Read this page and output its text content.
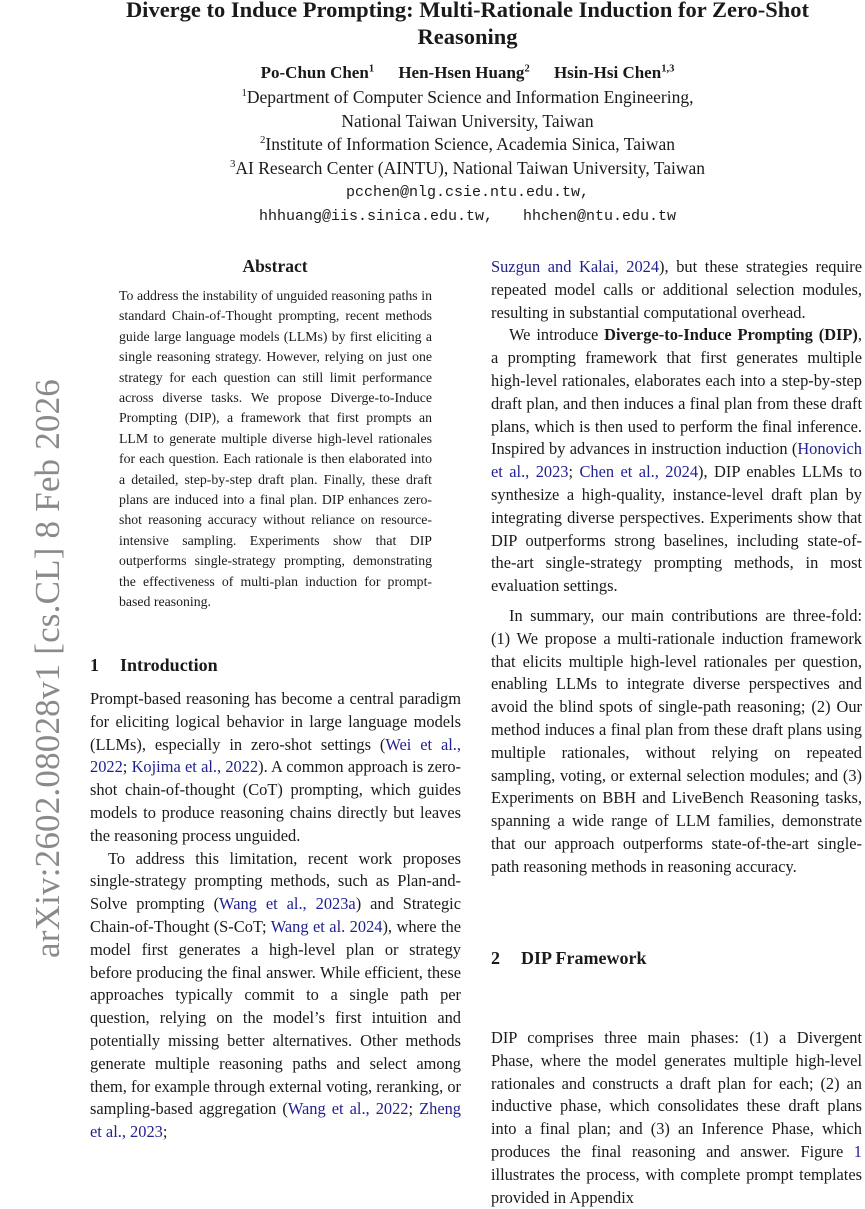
arXiv:2602.08028v1 [cs.CL] 8 Feb 2026
Diverge to Induce Prompting: Multi-Rationale Induction for Zero-Shot
Reasoning
Po-Chun Chen$^1$ Hen-Hsen Huang$^2$ Hsin-Hsi Chen$^{1,3}$
$^1$Department of Computer Science and Information Engineering,
National Taiwan University, Taiwan
$^2$Institute of Information Science, Academia Sinica, Taiwan
$^3$AI Research Center (AINTU), National Taiwan University, Taiwan
pcchen@nlg.csie.ntu.edu.tw,
hhhuang@iis.sinica.edu.tw, hhchen@ntu.edu.tw
Abstract
To address the instability of unguided reasoning paths in standard Chain-of-Thought prompting, recent methods guide large language models (LLMs) by first eliciting a single reasoning strategy. However, relying on just one strategy for each question can still limit performance across diverse tasks. We propose Diverge-to-Induce Prompting (DIP), a framework that first prompts an LLM to generate multiple diverse high-level rationales for each question. Each rationale is then elaborated into a detailed, step-by-step draft plan. Finally, these draft plans are induced into a final plan. DIP enhances zero-shot reasoning accuracy without reliance on resource-intensive sampling. Experiments show that DIP outperforms single-strategy prompting, demonstrating the effectiveness of multi-plan induction for prompt-based reasoning.
1 Introduction

Prompt-based reasoning has become a central paradigm for eliciting logical behavior in large language models (LLMs), especially in zero-shot settings (Wei et al., 2022; Kojima et al., 2022). A common approach is zero-shot chain-of-thought (CoT) prompting, which guides models to produce reasoning chains directly but leaves the reasoning process unguided.

To address this limitation, recent work proposes single-strategy prompting methods, such as Plan-and-Solve prompting (Wang et al., 2023a) and Strategic Chain-of-Thought (S-CoT; Wang et al. 2024), where the model first generates a high-level plan or strategy before producing the final answer. While efficient, these approaches typically commit to a single path per question, relying on the model’s first intuition and potentially missing better alternatives. Other methods generate multiple reasoning paths and select among them, for example through external voting, reranking, or sampling-based aggregation (Wang et al., 2022; Zheng et al., 2023;

Suzgun and Kalai, 2024), but these strategies require repeated model calls or additional selection modules, resulting in substantial computational overhead.

We introduce Diverge-to-Induce Prompting (DIP), a prompting framework that first generates multiple high-level rationales, elaborates each into a step-by-step draft plan, and then induces a final plan from these draft plans, which is then used to perform the final inference. Inspired by advances in instruction induction (Honovich et al., 2023; Chen et al., 2024), DIP enables LLMs to synthesize a high-quality, instance-level draft plan by integrating diverse perspectives. Experiments show that DIP outperforms strong baselines, including state-of-the-art single-strategy prompting methods, in most evaluation settings.

In summary, our main contributions are three-fold: (1) We propose a multi-rationale induction framework that elicits multiple high-level rationales per question, enabling LLMs to integrate diverse perspectives and avoid the blind spots of single-path reasoning; (2) Our method induces a final plan from these draft plans using multiple rationales, without relying on repeated sampling, voting, or external selection modules; and (3) Experiments on BBH and LiveBench Reasoning tasks, spanning a wide range of LLM families, demonstrate that our approach outperforms state-of-the-art single-path reasoning methods in reasoning accuracy.

2 DIP Framework

DIP comprises three main phases: (1) a Divergent Phase, where the model generates multiple high-level rationales and constructs a draft plan for each; (2) an inductive phase, which consolidates these draft plans into a final plan; and (3) an Inference Phase, which produces the final reasoning and answer. Figure 1 illustrates the process, with complete prompt templates provided in Appendix
